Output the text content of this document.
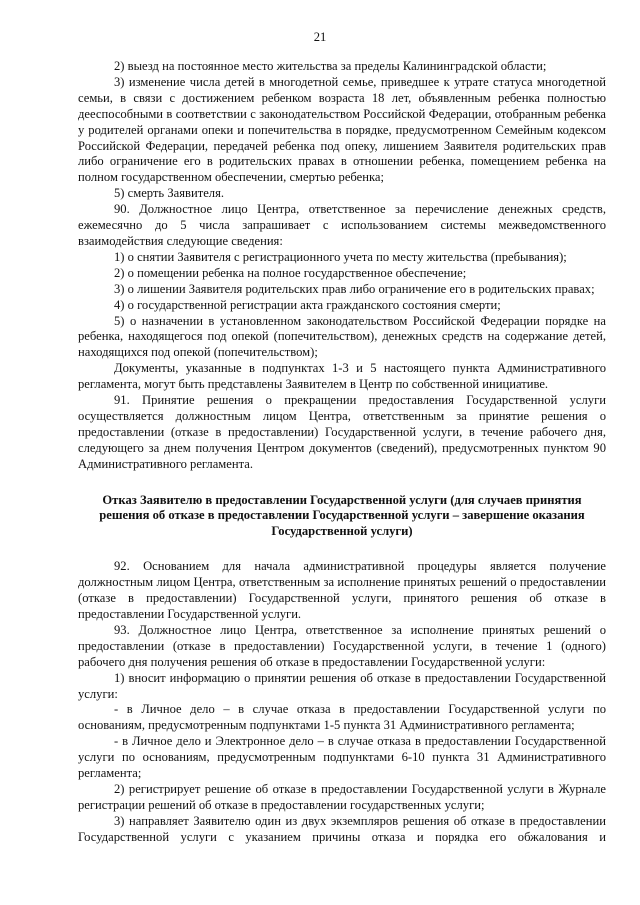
21

2) выезд на постоянное место жительства за пределы Калининградской области;

3) изменение числа детей в многодетной семье, приведшее к утрате статуса многодетной семьи, в связи с достижением ребенком возраста 18 лет, объявленным ребенка полностью дееспособными в соответствии с законодательством Российской Федерации, отобранным ребенка у родителей органами опеки и попечительства в порядке, предусмотренном Семейным кодексом Российской Федерации, передачей ребенка под опеку, лишением Заявителя родительских прав либо ограничение его в родительских правах в отношении ребенка, помещением ребенка на полном государственном обеспечении, смертью ребенка;

5) смерть Заявителя.

90. Должностное лицо Центра, ответственное за перечисление денежных средств, ежемесячно до 5 числа запрашивает с использованием системы межведомственного взаимодействия следующие сведения:

1) о снятии Заявителя с регистрационного учета по месту жительства (пребывания);

2) о помещении ребенка на полное государственное обеспечение;

3) о лишении Заявителя родительских прав либо ограничение его в родительских правах;

4) о государственной регистрации акта гражданского состояния смерти;

5) о назначении в установленном законодательством Российской Федерации порядке на ребенка, находящегося под опекой (попечительством), денежных средств на содержание детей, находящихся под опекой (попечительством);

Документы, указанные в подпунктах 1-3 и 5 настоящего пункта Административного регламента, могут быть представлены Заявителем в Центр по собственной инициативе.

91. Принятие решения о прекращении предоставления Государственной услуги осуществляется должностным лицом Центра, ответственным за принятие решения о предоставлении (отказе в предоставлении) Государственной услуги, в течение рабочего дня, следующего за днем получения Центром документов (сведений), предусмотренных пунктом 90 Административного регламента.

Отказ Заявителю в предоставлении Государственной услуги (для случаев принятия решения об отказе в предоставлении Государственной услуги – завершение оказания Государственной услуги)

92. Основанием для начала административной процедуры является получение должностным лицом Центра, ответственным за исполнение принятых решений о предоставлении (отказе в предоставлении) Государственной услуги, принятого решения об отказе в предоставлении Государственной услуги.

93. Должностное лицо Центра, ответственное за исполнение принятых решений о предоставлении (отказе в предоставлении) Государственной услуги, в течение 1 (одного) рабочего дня получения решения об отказе в предоставлении Государственной услуги:

1) вносит информацию о принятии решения об отказе в предоставлении Государственной услуги:

- в Личное дело – в случае отказа в предоставлении Государственной услуги по основаниям, предусмотренным подпунктами 1-5 пункта 31 Административного регламента;

- в Личное дело и Электронное дело – в случае отказа в предоставлении Государственной услуги по основаниям, предусмотренным подпунктами 6-10 пункта 31 Административного регламента;

2) регистрирует решение об отказе в предоставлении Государственной услуги в Журнале регистрации решений об отказе в предоставлении государственных услуги;

3) направляет Заявителю один из двух экземпляров решения об отказе в предоставлении Государственной услуги с указанием причины отказа и порядка его обжалования и
